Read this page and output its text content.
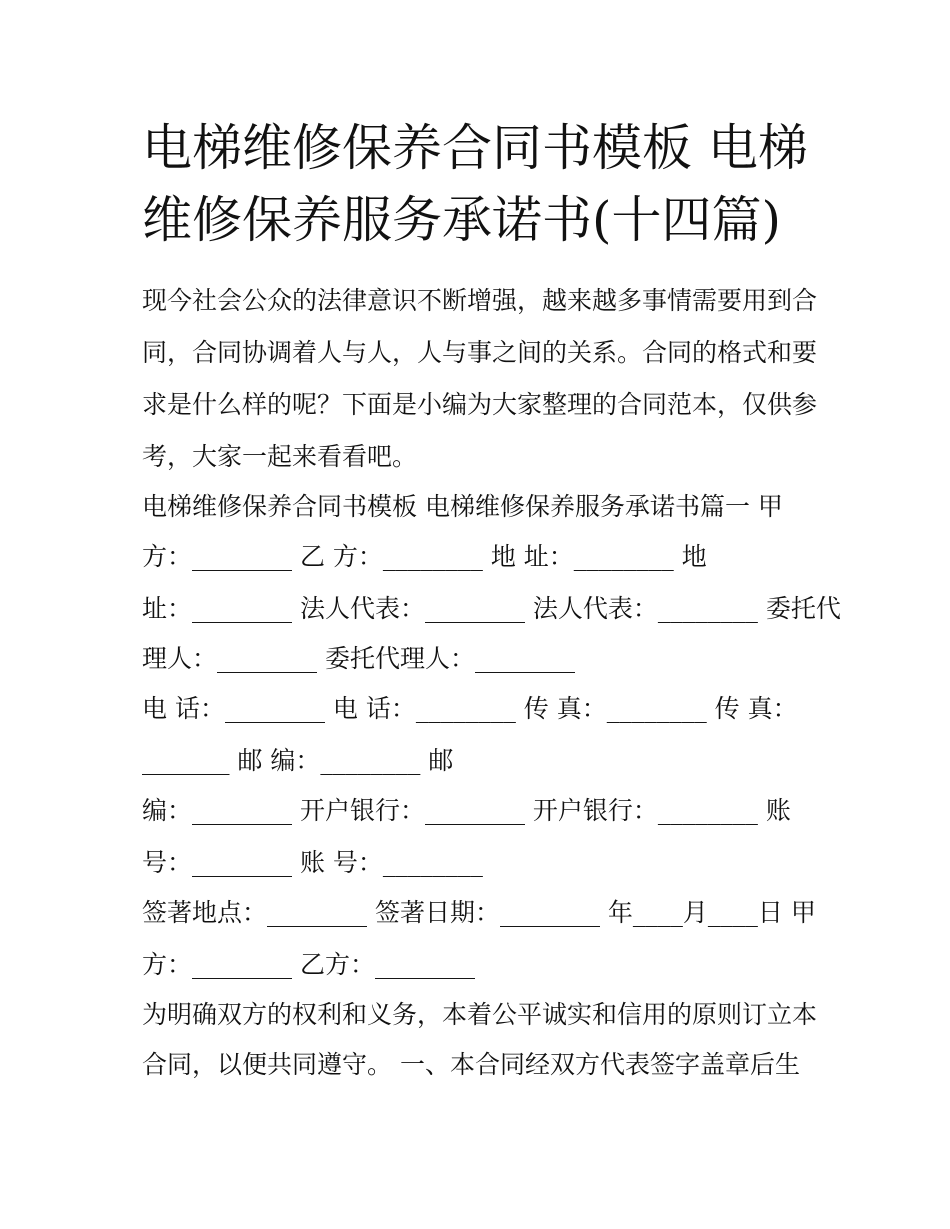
电梯维修保养合同书模板 电梯
维修保养服务承诺书(十四篇)

现今社会公众的法律意识不断增强，越来越多事情需要用到合

同，合同协调着人与人，人与事之间的关系。合同的格式和要

求是什么样的呢？下面是小编为大家整理的合同范本，仅供参

考，大家一起来看看吧。

电梯维修保养合同书模板 电梯维修保养服务承诺书篇一 甲

方：________ 乙 方：________ 地 址：________ 地

址：________ 法人代表：________ 法人代表：________ 委托代

理人：________ 委托代理人：________

电 话：________ 电 话：________ 传 真：________ 传 真：

_______ 邮 编：________ 邮

编：________ 开户银行：________ 开户银行：________ 账

号：________ 账 号：________

签著地点：________ 签著日期：________ 年____月____日 甲

方：________ 乙方：________

为明确双方的权利和义务，本着公平诚实和信用的原则订立本

合同，以便共同遵守。 一、本合同经双方代表签字盖章后生
